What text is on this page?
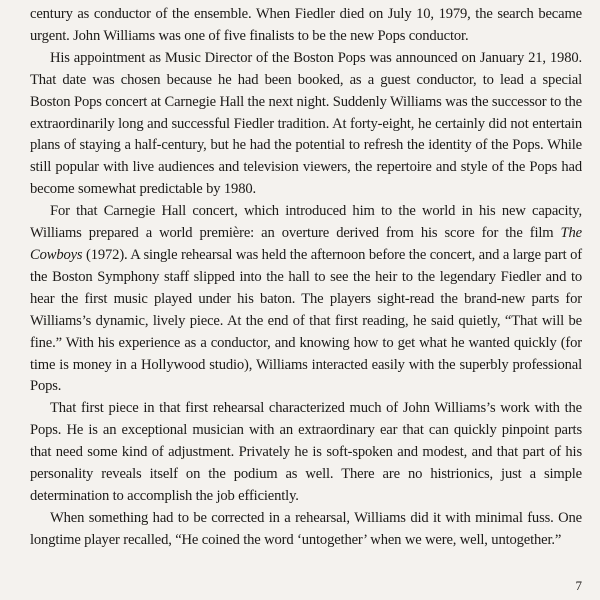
century as conductor of the ensemble. When Fiedler died on July 10, 1979, the search became urgent. John Williams was one of five finalists to be the new Pops conductor.

His appointment as Music Director of the Boston Pops was announced on January 21, 1980. That date was chosen because he had been booked, as a guest conductor, to lead a special Boston Pops concert at Carnegie Hall the next night. Suddenly Williams was the successor to the extraordinarily long and successful Fiedler tradition. At forty-eight, he certainly did not entertain plans of staying a half-century, but he had the potential to refresh the identity of the Pops. While still popular with live audiences and television viewers, the repertoire and style of the Pops had become somewhat predictable by 1980.

For that Carnegie Hall concert, which introduced him to the world in his new capacity, Williams prepared a world première: an overture derived from his score for the film The Cowboys (1972). A single rehearsal was held the afternoon before the concert, and a large part of the Boston Symphony staff slipped into the hall to see the heir to the legendary Fiedler and to hear the first music played under his baton. The players sight-read the brand-new parts for Williams’s dynamic, lively piece. At the end of that first reading, he said quietly, “That will be fine.” With his experience as a conductor, and knowing how to get what he wanted quickly (for time is money in a Hollywood studio), Williams interacted easily with the superbly professional Pops.

That first piece in that first rehearsal characterized much of John Williams’s work with the Pops. He is an exceptional musician with an extraordinary ear that can quickly pinpoint parts that need some kind of adjustment. Privately he is soft-spoken and modest, and that part of his personality reveals itself on the podium as well. There are no histrionics, just a simple determination to accomplish the job efficiently.

When something had to be corrected in a rehearsal, Williams did it with minimal fuss. One longtime player recalled, “He coined the word ‘untogether’ when we were, well, untogether.”

7
